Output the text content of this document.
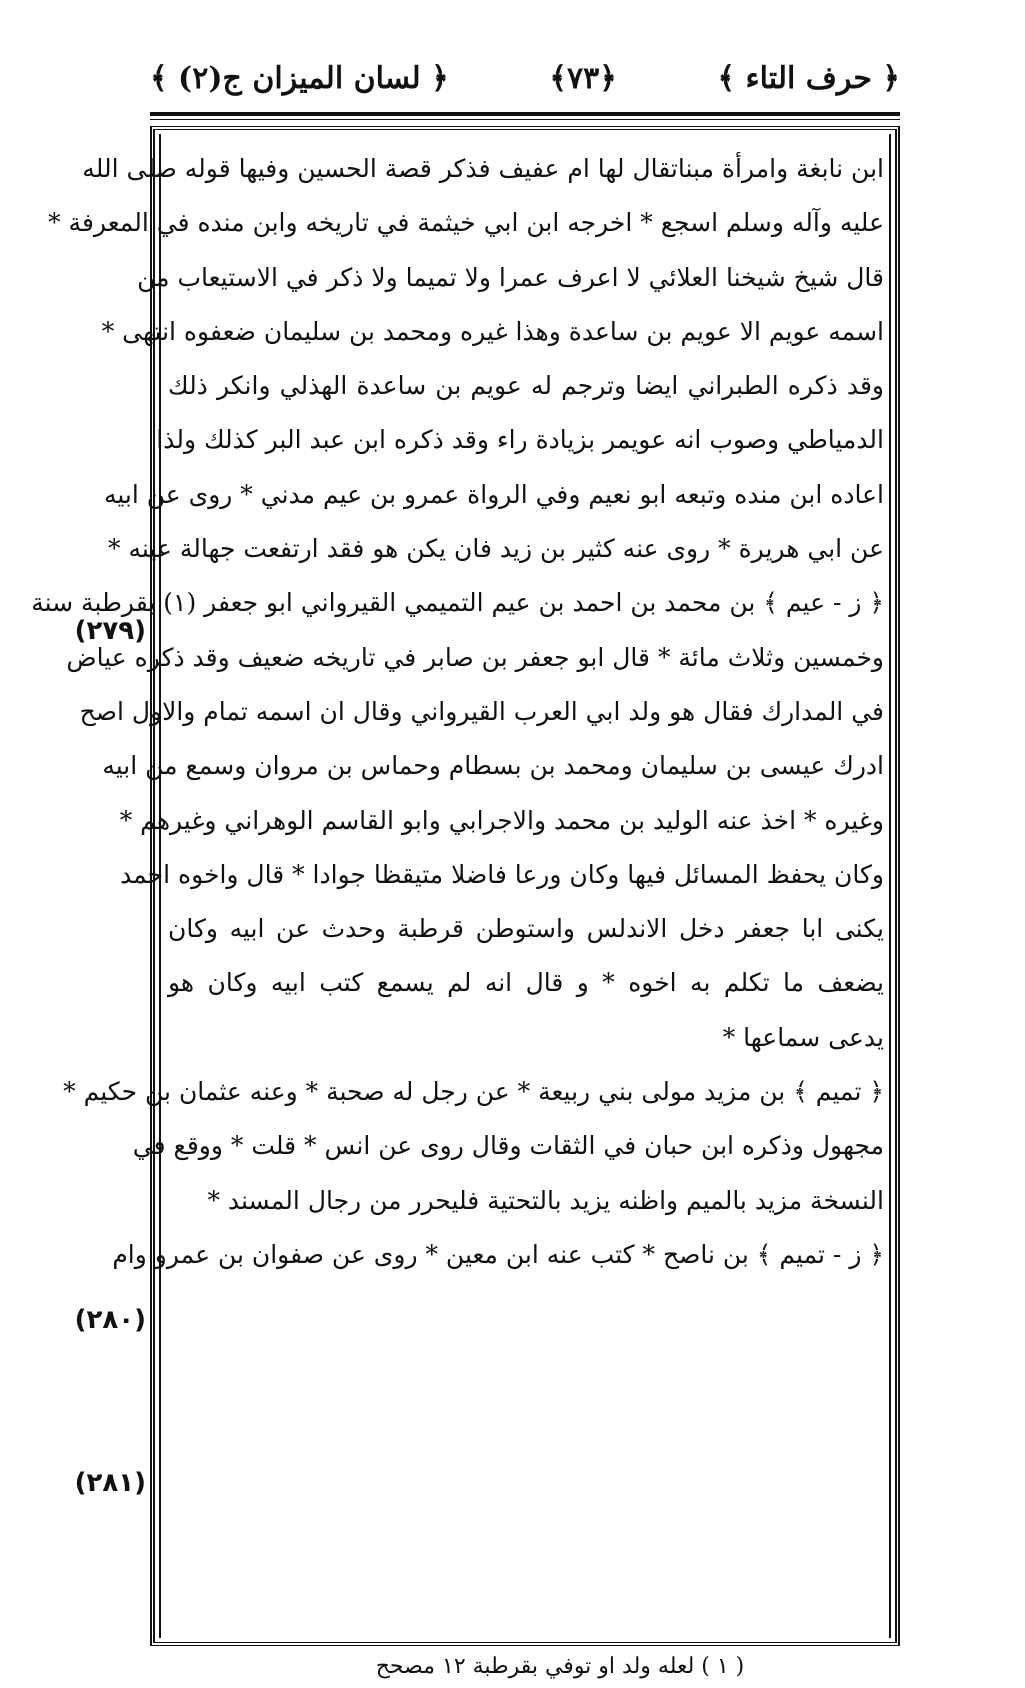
﴿ حرف التاء ﴾
﴿٧٣﴾
﴿ لسان الميزان ج(٢) ﴾
ابن نابغة وامرأة مبناتقال لها ام عفيف فذكر قصة الحسين وفيها قوله صلى الله
عليه وآله وسلم اسجع * اخرجه ابن ابي خيثمة في تاريخه وابن منده في المعرفة *
قال شيخ شيخنا العلائي لا اعرف عمرا ولا تميما ولا ذكر في الاستيعاب من
اسمه عويم الا عويم بن ساعدة وهذا غيره ومحمد بن سليمان ضعفوه انتهى *
وقد ذكره الطبراني ايضا وترجم له عويم بن ساعدة الهذلي وانكر ذلك
الدمياطي وصوب انه عويمر بزيادة راء وقد ذكره ابن عبد البر كذلك ولذا
اعاده ابن منده وتبعه ابو نعيم وفي الرواة عمرو بن عيم مدني * روى عن ابيه
عن ابي هريرة * روى عنه كثير بن زيد فان يكن هو فقد ارتفعت جهالة عينه *
﴿ ز - عيم ﴾ بن محمد بن احمد بن عيم التميمي القيرواني ابو جعفر (١) بقرطبة سنة
وخمسين وثلاث مائة * قال ابو جعفر بن صابر في تاريخه ضعيف وقد ذكره عياض
في المدارك فقال هو ولد ابي العرب القيرواني وقال ان اسمه تمام والاول اصح
ادرك عيسى بن سليمان ومحمد بن بسطام وحماس بن مروان وسمع من ابيه
وغيره * اخذ عنه الوليد بن محمد والاجرابي وابو القاسم الوهراني وغيرهم *
وكان يحفظ المسائل فيها وكان ورعا فاضلا متيقظا جوادا * قال واخوه احمد
يكنى ابا جعفر دخل الاندلس واستوطن قرطبة وحدث عن ابيه وكان
يضعف ما تكلم به اخوه * و قال انه لم يسمع كتب ابيه وكان هو
يدعى سماعها *
﴿ تميم ﴾ بن مزيد مولى بني ربيعة * عن رجل له صحبة * وعنه عثمان بن حكيم *
مجهول وذكره ابن حبان في الثقات وقال روى عن انس * قلت * ووقع في
النسخة مزيد بالميم واظنه يزيد بالتحتية فليحرر من رجال المسند *
﴿ ز - تميم ﴾ بن ناصح * كتب عنه ابن معين * روى عن صفوان بن عمرو وام
(٢٧٩)
(٢٨٠)
(٢٨١)
( ١ ) لعله ولد او توفي بقرطبة ١٢ مصحح
